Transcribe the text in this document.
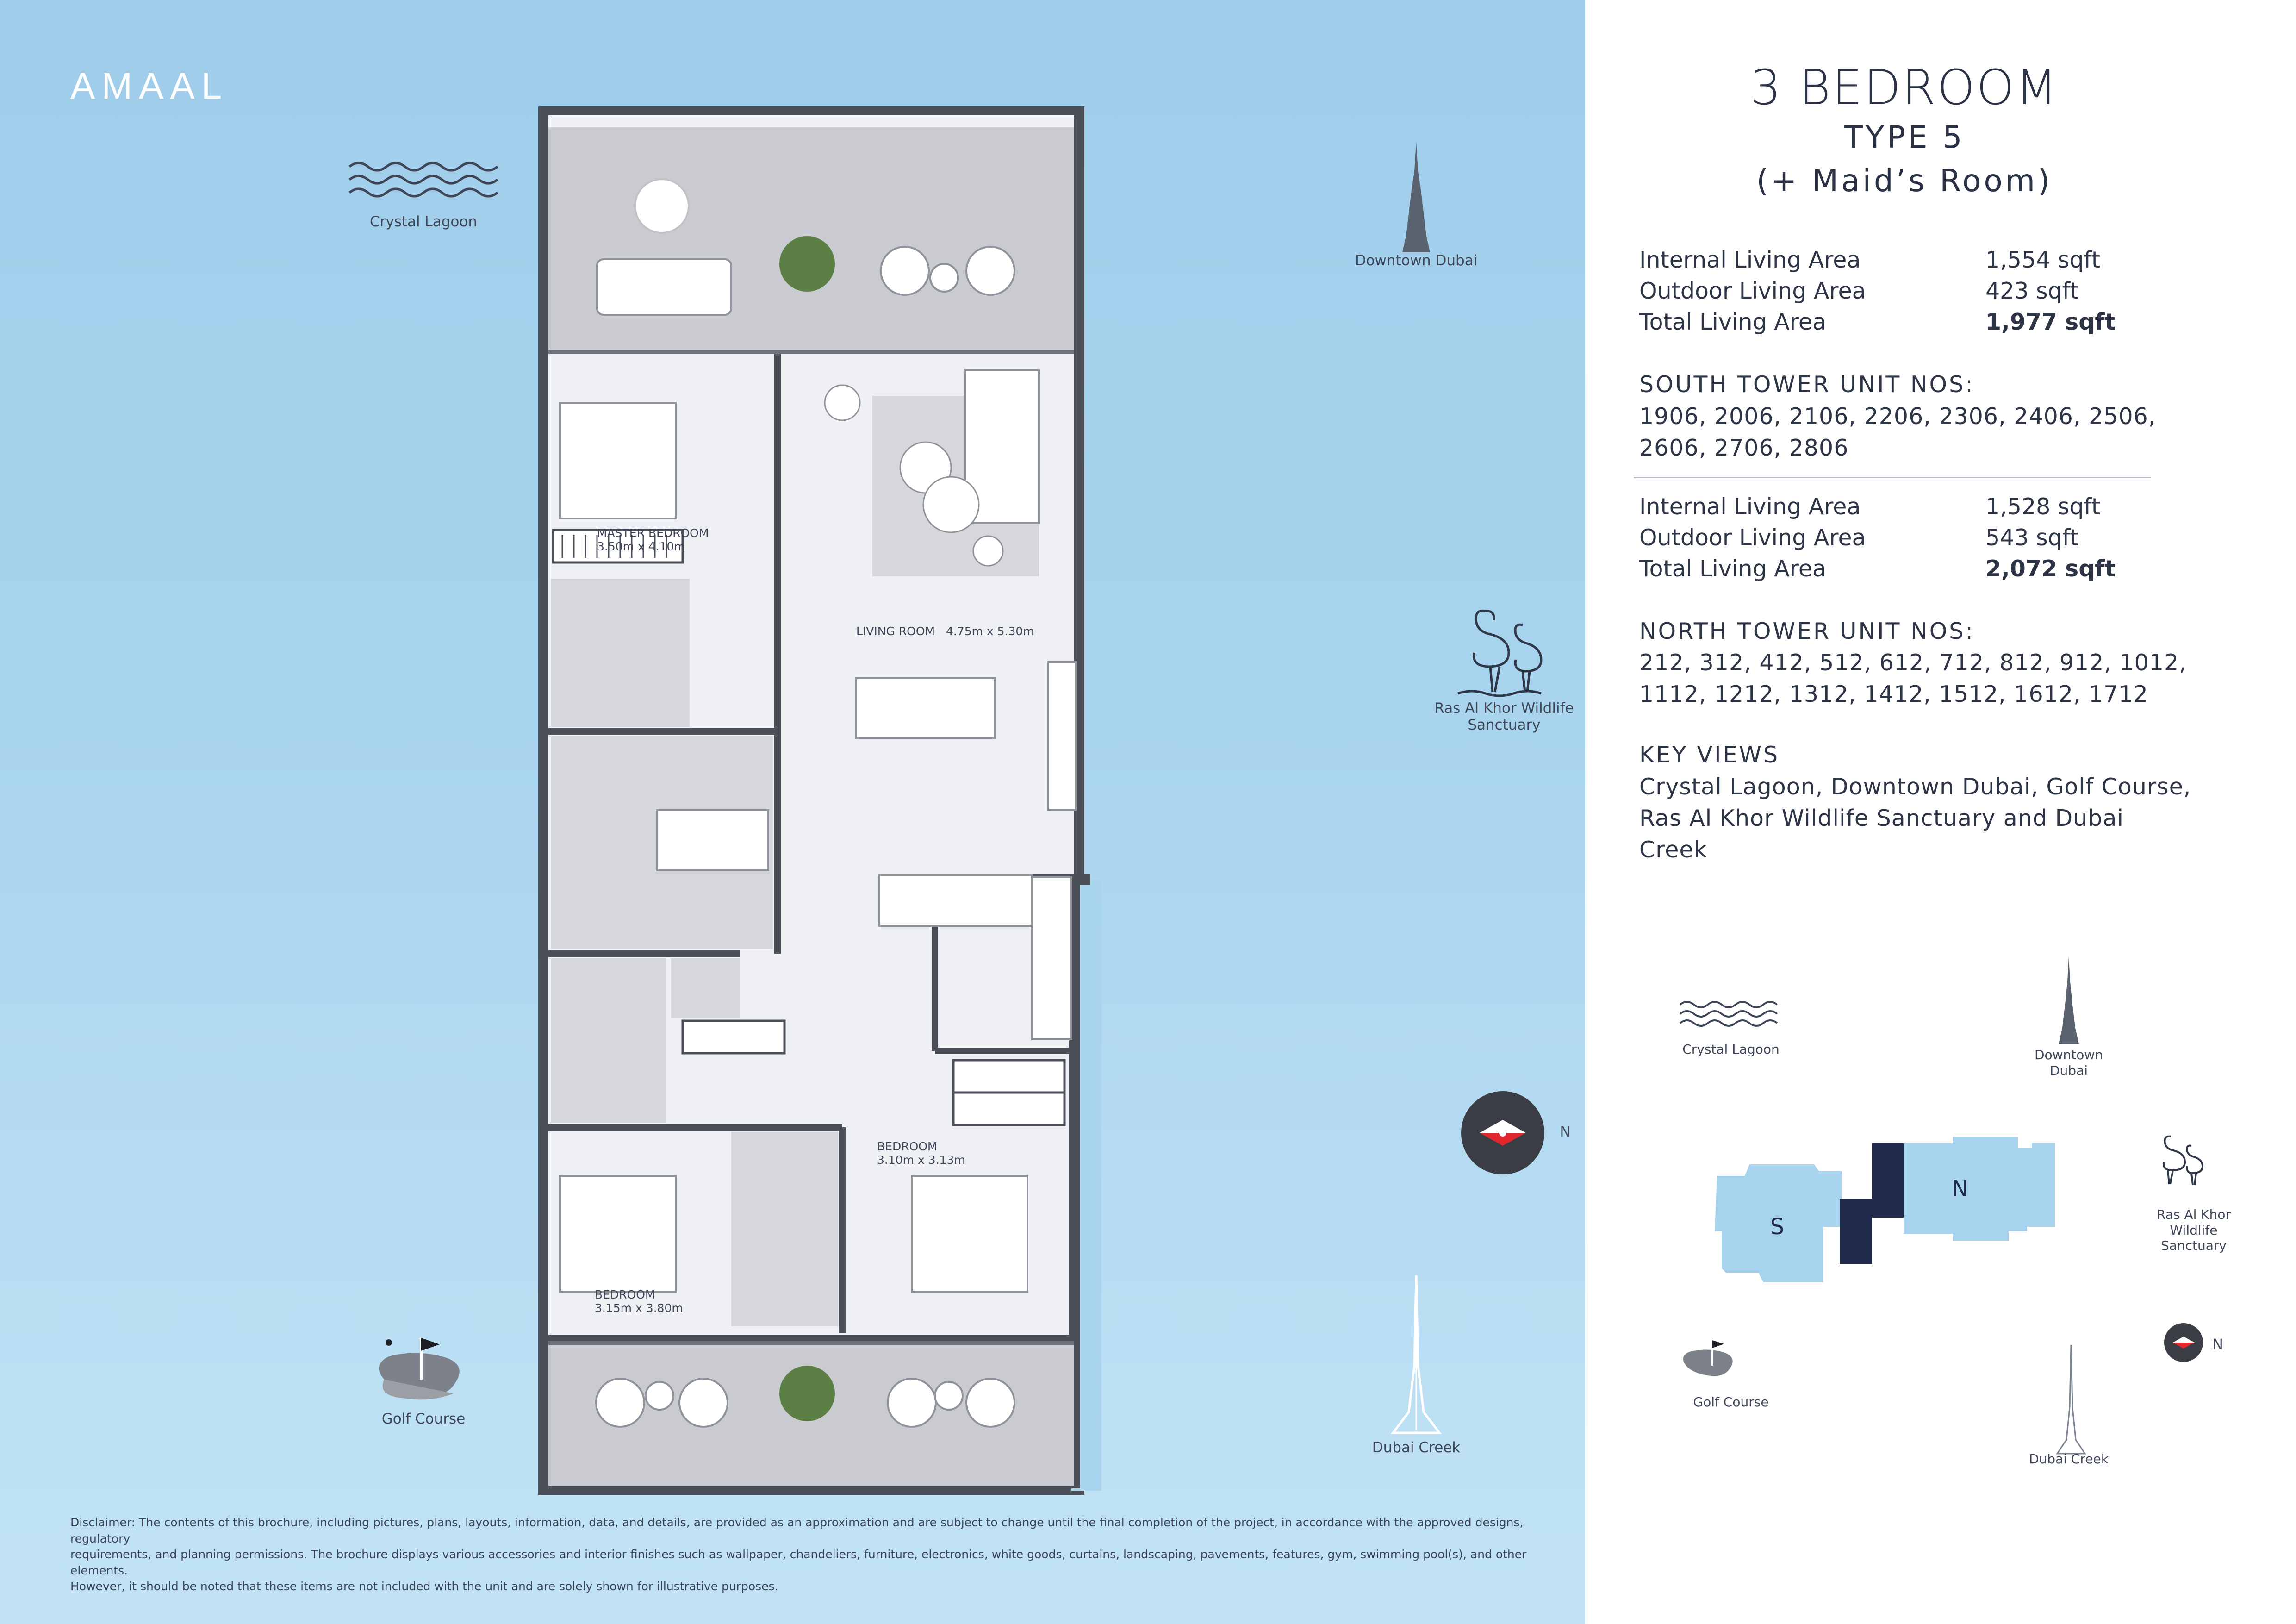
AMAAL
Crystal Lagoon
Downtown Dubai
Ras Al Khor Wildlife
Sanctuary
N
Golf Course
Dubai Creek
MASTER BEDROOM
3.50m x 4.10m
LIVING ROOM 4.75m x 5.30m
BEDROOM
3.10m x 3.13m
BEDROOM
3.15m x 3.80m
Disclaimer: The contents of this brochure, including pictures, plans, layouts, information, data, and details, are provided as an approximation and are subject to change until the final completion of the project, in accordance with the approved designs, regulatory
requirements, and planning permissions. The brochure displays various accessories and interior finishes such as wallpaper, chandeliers, furniture, electronics, white goods, curtains, landscaping, pavements, features, gym, swimming pool(s), and other elements.
However, it should be noted that these items are not included with the unit and are solely shown for illustrative purposes.
3 BEDROOM
TYPE 5
(+ Maid’s Room)
Internal Living Area	1,554 sqft
Outdoor Living Area	423 sqft
Total Living Area	1,977 sqft
SOUTH TOWER UNIT NOS:
1906, 2006, 2106, 2206, 2306, 2406, 2506,
2606, 2706, 2806
Internal Living Area	1,528 sqft
Outdoor Living Area	543 sqft
Total Living Area	2,072 sqft
NORTH TOWER UNIT NOS:
212, 312, 412, 512, 612, 712, 812, 912, 1012,
1112, 1212, 1312, 1412, 1512, 1612, 1712
KEY VIEWS
Crystal Lagoon, Downtown Dubai, Golf Course,
Ras Al Khor Wildlife Sanctuary and Dubai Creek
Crystal Lagoon	Downtown
Dubai
Ras Al Khor
Wildlife
Sanctuary
S
N
Golf Course
Dubai Creek
N
